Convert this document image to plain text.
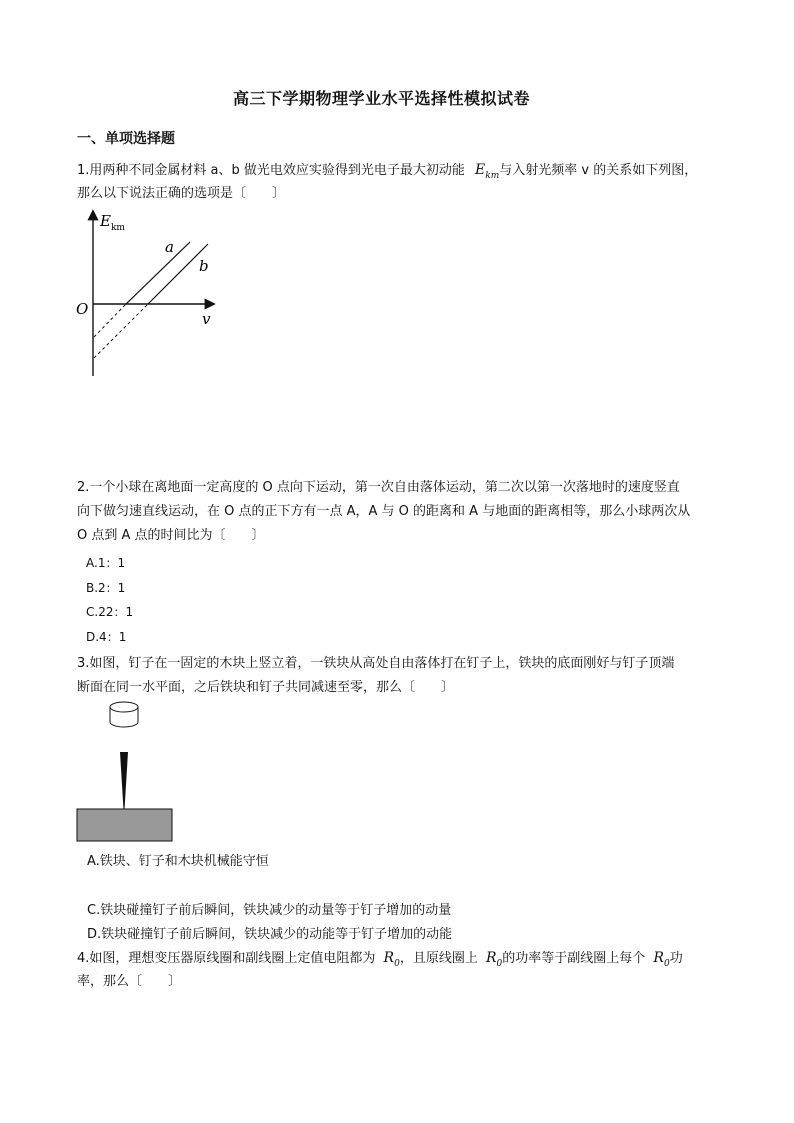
高三下学期物理学业水平选择性模拟试卷
一、单项选择题
1.用两种不同金属材料 a、b 做光电效应实验得到光电子最大初动能 $E_{km}$与入射光频率 v 的关系如下列图，
那么以下说法正确的选项是〔　　〕
$E_{km}$
O
v
a
b
2.一个小球在离地面一定高度的 O 点向下运动，第一次自由落体运动，第二次以第一次落地时的速度竖直
向下做匀速直线运动，在 O 点的正下方有一点 A，A 与 O 的距离和 A 与地面的距离相等，那么小球两次从
O 点到 A 点的时间比为〔　　〕
A.1：1
B.2：1
C.22：1
D.4：1
3.如图，钉子在一固定的木块上竖立着，一铁块从高处自由落体打在钉子上，铁块的底面刚好与钉子顶端
断面在同一水平面，之后铁块和钉子共同减速至零，那么〔　　〕
A.铁块、钉子和木块机械能守恒
C.铁块碰撞钉子前后瞬间，铁块减少的动量等于钉子增加的动量
D.铁块碰撞钉子前后瞬间，铁块减少的动能等于钉子增加的动能
4.如图，理想变压器原线圈和副线圈上定值电阻都为 $R_0$，且原线圈上 $R_0$的功率等于副线圈上每个 $R_0$功
率，那么〔　　〕
